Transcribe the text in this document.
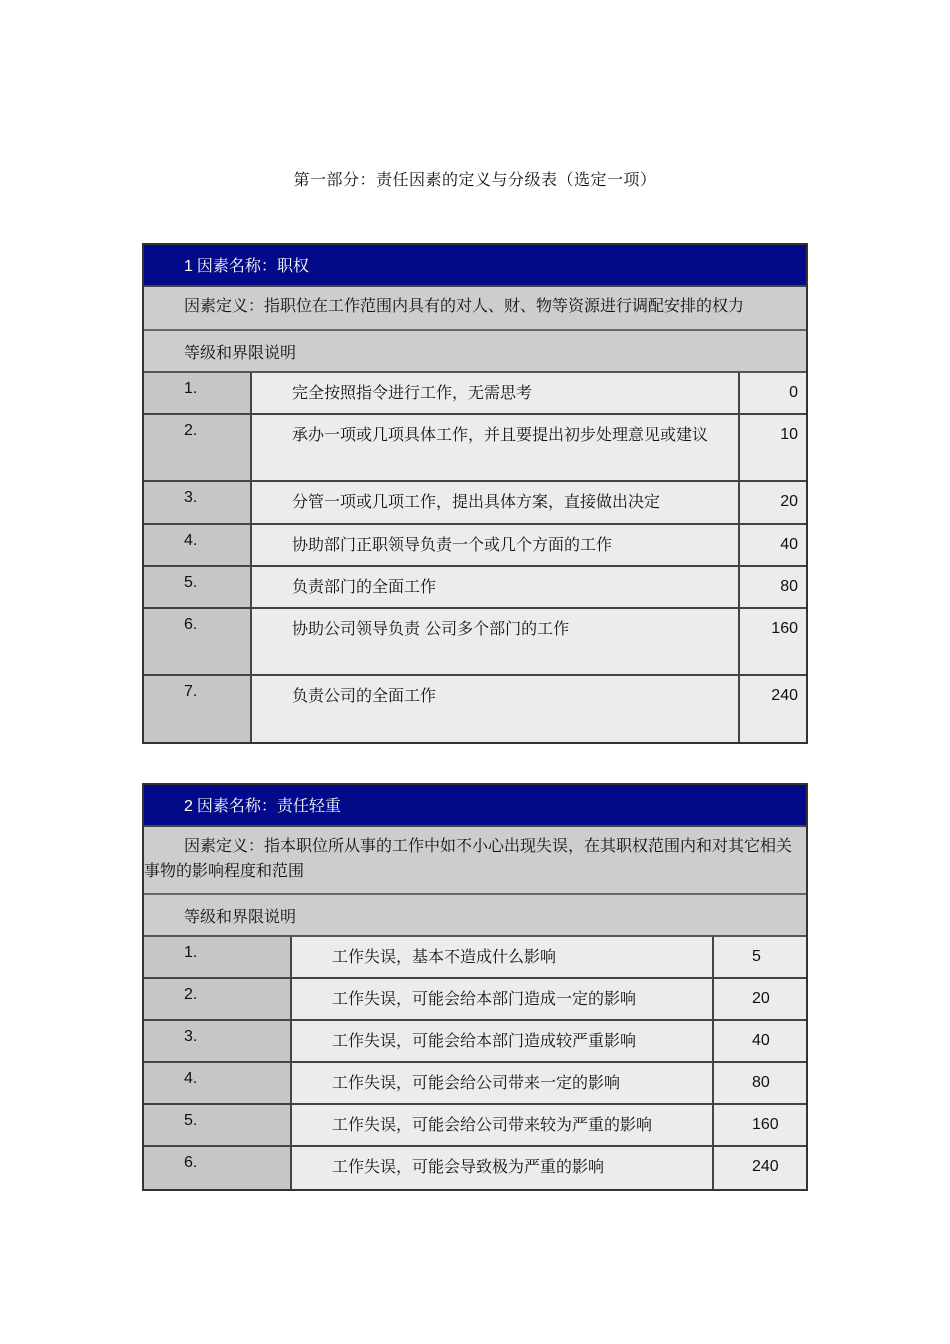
第一部分：责任因素的定义与分级表（选定一项）
1 因素名称：职权
因素定义：指职位在工作范围内具有的对人、财、物等资源进行调配安排的权力
等级和界限说明
1.	完全按照指令进行工作，无需思考	0
2.	承办一项或几项具体工作，并且要提出初步处理意见或建议	10
3.	分管一项或几项工作，提出具体方案，直接做出决定	20
4.	协助部门正职领导负责一个或几个方面的工作	40
5.	负责部门的全面工作	80
6.	协助公司领导负责 公司多个部门的工作	160
7.	负责公司的全面工作	240
2 因素名称：责任轻重
因素定义：指本职位所从事的工作中如不小心出现失误，在其职权范围内和对其它相关事物的影响程度和范围
等级和界限说明
1.	工作失误，基本不造成什么影响	5
2.	工作失误，可能会给本部门造成一定的影响	20
3.	工作失误，可能会给本部门造成较严重影响	40
4.	工作失误，可能会给公司带来一定的影响	80
5.	工作失误，可能会给公司带来较为严重的影响	160
6.	工作失误，可能会导致极为严重的影响	240
